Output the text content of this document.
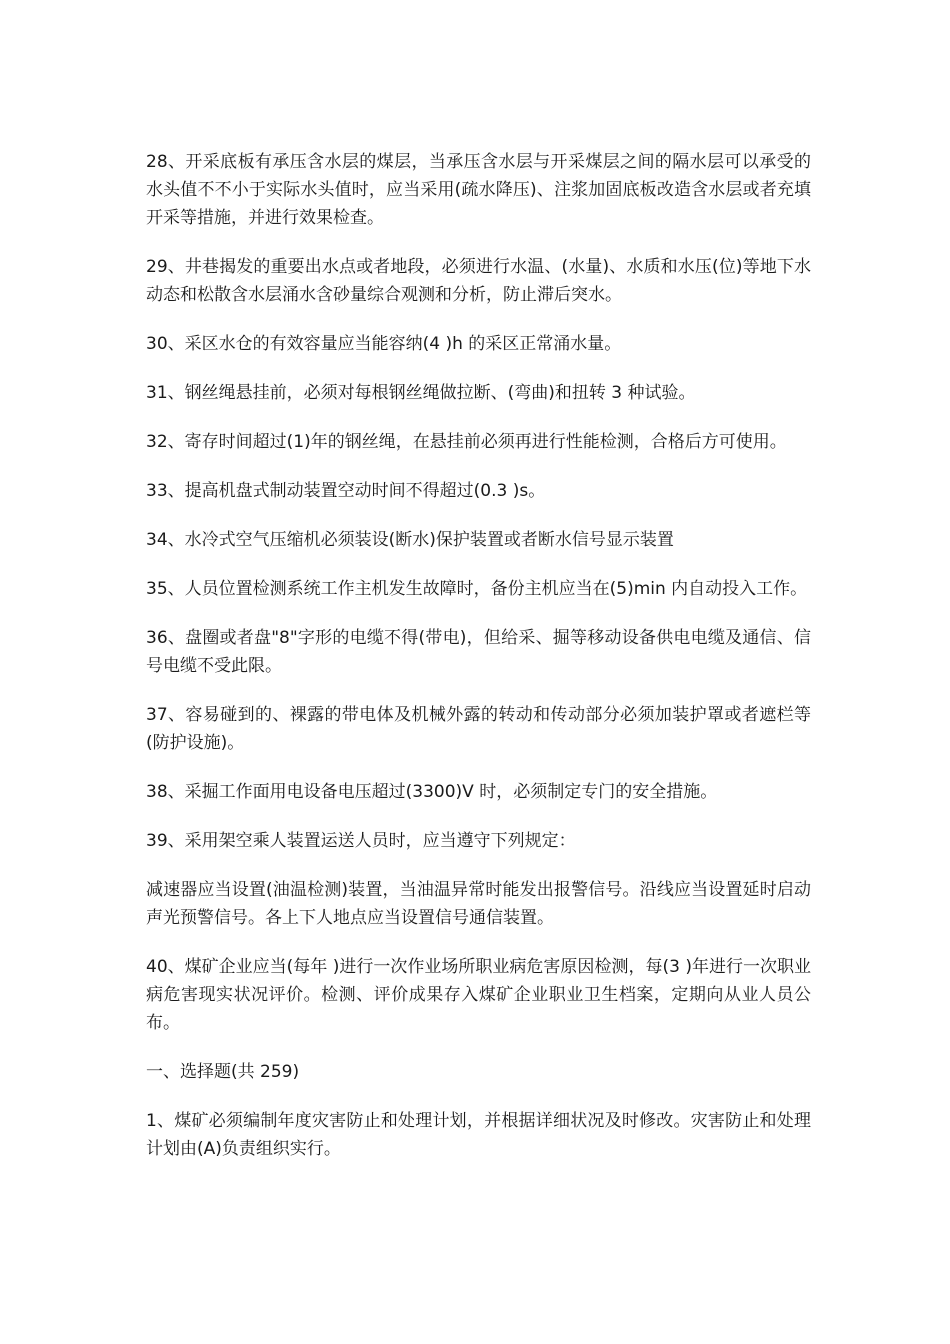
28、开采底板有承压含水层的煤层，当承压含水层与开采煤层之间的隔水层可以承受的水头值不不小于实际水头值时，应当采用(疏水降压)、注浆加固底板改造含水层或者充填开采等措施，并进行效果检查。

29、井巷揭发的重要出水点或者地段，必须进行水温、(水量)、水质和水压(位)等地下水动态和松散含水层涌水含砂量综合观测和分析，防止滞后突水。

30、采区水仓的有效容量应当能容纳(4 )h 的采区正常涌水量。

31、钢丝绳悬挂前，必须对每根钢丝绳做拉断、(弯曲)和扭转 3 种试验。

32、寄存时间超过(1)年的钢丝绳，在悬挂前必须再进行性能检测，合格后方可使用。

33、提高机盘式制动装置空动时间不得超过(0.3 )s。

34、水冷式空气压缩机必须装设(断水)保护装置或者断水信号显示装置

35、人员位置检测系统工作主机发生故障时，备份主机应当在(5)min 内自动投入工作。

36、盘圈或者盘"8"字形的电缆不得(带电)，但给采、掘等移动设备供电电缆及通信、信号电缆不受此限。

37、容易碰到的、裸露的带电体及机械外露的转动和传动部分必须加装护罩或者遮栏等(防护设施)。

38、采掘工作面用电设备电压超过(3300)V 时，必须制定专门的安全措施。

39、采用架空乘人装置运送人员时，应当遵守下列规定：

减速器应当设置(油温检测)装置，当油温异常时能发出报警信号。沿线应当设置延时启动声光预警信号。各上下人地点应当设置信号通信装置。

40、煤矿企业应当(每年 )进行一次作业场所职业病危害原因检测，每(3 )年进行一次职业病危害现实状况评价。检测、评价成果存入煤矿企业职业卫生档案，定期向从业人员公布。

一、选择题(共 259)

1、煤矿必须编制年度灾害防止和处理计划，并根据详细状况及时修改。灾害防止和处理计划由(A)负责组织实行。
